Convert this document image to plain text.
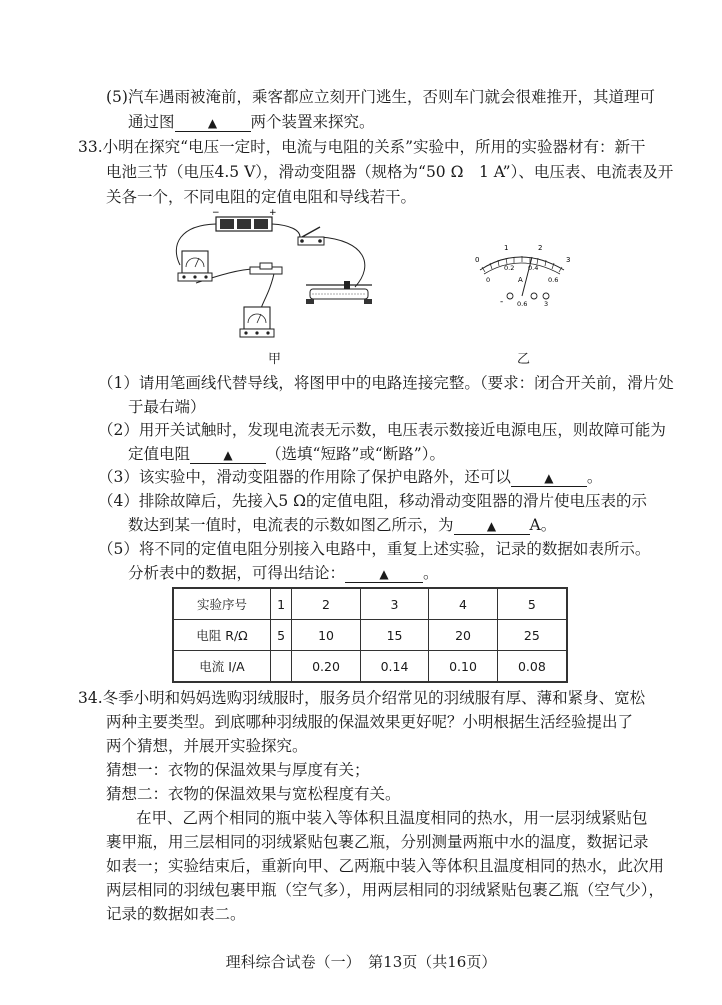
(5)汽车遇雨被淹前，乘客都应立刻开门逃生，否则车门就会很难推开，其道理可
通过图	▲ 两个装置来探究。
33.小明在探究“电压一定时，电流与电阻的关系”实验中，所用的实验器材有：新干
电池三节（电压4.5 V），滑动变阻器（规格为“50 Ω　1 A”）、电压表、电流表及开
关各一个，不同电阻的定值电阻和导线若干。
−	+
甲
0
1	2
3
0
0.2 0.4
0.6
A
- 0.6	3
乙
（1）请用笔画线代替导线，将图甲中的电路连接完整。（要求：闭合开关前，滑片处
于最右端）
（2）用开关试触时，发现电流表无示数，电压表示数接近电源电压，则故障可能为
定值电阻	▲ （选填“短路”或“断路”）。
（3）该实验中，滑动变阻器的作用除了保护电路外，还可以	▲ 。
（4）排除故障后，先接入5 Ω的定值电阻，移动滑动变阻器的滑片使电压表的示
数达到某一值时，电流表的示数如图乙所示，为	▲ A。
（5）将不同的定值电阻分别接入电路中，重复上述实验，记录的数据如表所示。
分析表中的数据，可得出结论：	▲ 。
实验序号	1	2	3	4	5
电阻 R/Ω	5	10	15	20	25
电流 I/A		0.20	0.14	0.10	0.08
34.冬季小明和妈妈选购羽绒服时，服务员介绍常见的羽绒服有厚、薄和紧身、宽松
两种主要类型。到底哪种羽绒服的保温效果更好呢？小明根据生活经验提出了
两个猜想，并展开实验探究。
猜想一：衣物的保温效果与厚度有关；
猜想二：衣物的保温效果与宽松程度有关。
在甲、乙两个相同的瓶中装入等体积且温度相同的热水，用一层羽绒紧贴包
裹甲瓶，用三层相同的羽绒紧贴包裹乙瓶，分别测量两瓶中水的温度，数据记录
如表一；实验结束后，重新向甲、乙两瓶中装入等体积且温度相同的热水，此次用
两层相同的羽绒包裹甲瓶（空气多），用两层相同的羽绒紧贴包裹乙瓶（空气少），
记录的数据如表二。
理科综合试卷（一）　第13页（共16页）
